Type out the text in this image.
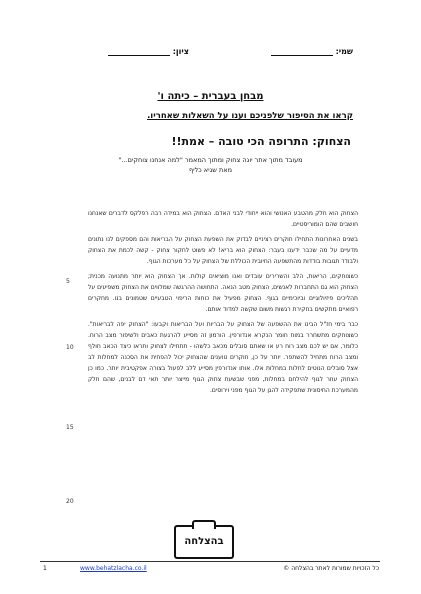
שמי:
ציון:
מבחן בעברית – כיתה ו'
קראו את הסיפור שלפניכם וענו על השאלות שאחריו.
הצחוק: התרופה הכי טובה – אמת!!
מעובד מתוך אתר יוגה צחוק ומתוך המאמר "למה אנחנו צוחקים..."
מאת שגיא כליף

הצחוק הוא חלק מהטבע האנושי והוא ייחודי לבני האדם. הצחוק הוא במידה רבה רפלקס לדברים שאנחנו חושבים שהם הומוריסטיים.

בשנים האחרונות התחילו חוקרים רציניים לבדוק את השפעת הצחוק על הבריאות והם מספקים לנו נתונים מדעיים על מה שכבר ידענו בעבר: הצחוק הוא בריא! לא פשוט לחקור צחוק - קשה לכמת את הצחוק ולבודד תגובות בודדות מהתשפעה החיובית הכוללת של הצחוק על כל מערכות הגוף.

כשצוחקים, הריאות, הלב והשרירים עובדים ואנו מוציאים קולות. אך הצחוק הוא יותר מתנועה מכנית; הצחוק הוא גם התחברות לאנשים, הצחוק מטב הנאה. התחושה ההרגשה שמלווים את הצחוק משפיעים על תהליכים פיזיולוגיים וביוכימיים בגוף. הצחוק מפעיל את כוחות הריפוי הטבעיים שטמונים בנו. מחקרים רפואיים מתקשים בחקירת רגשות משום שקשה למדוד אותם.

כבר בימי חז"ל הבינו את ההשפעה של הצחוק על הבריות ועל הבריאות וקבעו: "הצחוק יפה לבריאות". כשצוחקים מתשחרר במוח חומר הנקרא אנדורפין. הורמון זה מסייע להרגעת כאבים ולשיפור מצב הרוח. כלומר, אם יש לכם מצב רוח רע או שאתם סובלים מכאב כלשהו - תתחילו לצחוק ותראו כיצד הכאב חולף ומצב הרוח מתחיל להשתפר. יותר על כן, חוקרים טוענים שהצחוק יכול להפחית את הסכנה למחלות לב אצל סובלים הנוטים לחלות במחלות אלו. אותו אנדורפין מסייע ללב לפעול בצורה אפקטיבית יותר. כמו כן הצחוק עוזר לגוף להילחם במחלות, מפני שבשעת צחוק הגוף מייצר יותר תאי דם לבנים, שהם חלק מהמערכת החיסונית שתפקידה להגן על הגוף מפני וירוסים.

5
10
15
20
בהצלחה
1	www.behatzlacha.co.il	כל הזכויות שמורות לאתר בהצלחה ©
